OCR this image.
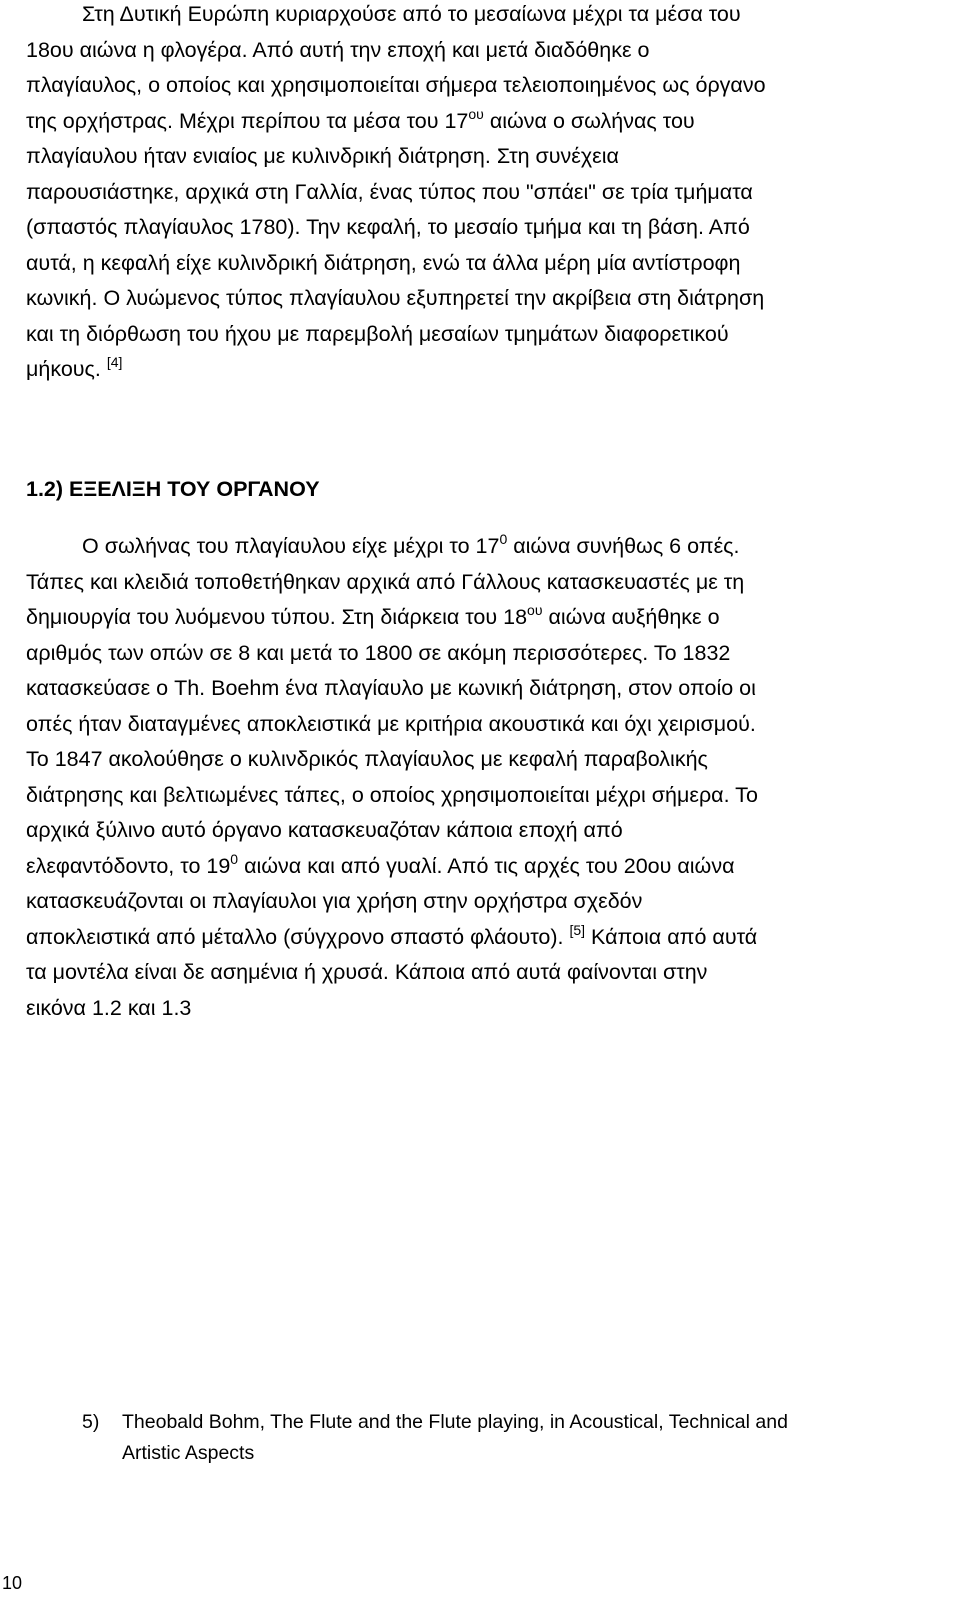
Στη Δυτική Ευρώπη κυριαρχούσε από το μεσαίωνα μέχρι τα μέσα του
18ου αιώνα η φλογέρα. Από αυτή την εποχή και μετά διαδόθηκε ο
πλαγίαυλος, ο οποίος και χρησιμοποιείται σήμερα τελειοποιημένος ως όργανο
της ορχήστρας. Μέχρι περίπου τα μέσα του $17^{o\upsilon}$ αιώνα ο σωλήνας του
πλαγίαυλου ήταν ενιαίος με κυλινδρική διάτρηση. Στη συνέχεια
παρουσιάστηκε, αρχικά στη Γαλλία, ένας τύπος που "σπάει" σε τρία τμήματα
(σπαστός πλαγίαυλος 1780). Την κεφαλή, το μεσαίο τμήμα και τη βάση. Από
αυτά, η κεφαλή είχε κυλινδρική διάτρηση, ενώ τα άλλα μέρη μία αντίστροφη
κωνική. Ο λυώμενος τύπος πλαγίαυλου εξυπηρετεί την ακρίβεια στη διάτρηση
και τη διόρθωση του ήχου με παρεμβολή μεσαίων τμημάτων διαφορετικού
μήκους. [4]
1.2) ΕΞΕΛΙΞΗ ΤΟΥ ΟΡΓΑΝΟΥ
Ο σωλήνας του πλαγίαυλου είχε μέχρι το $17^0$ αιώνα συνήθως 6 οπές.
Τάπες και κλειδιά τοποθετήθηκαν αρχικά από Γάλλους κατασκευαστές με τη
δημιουργία του λυόμενου τύπου. Στη διάρκεια του $18^{o\upsilon}$ αιώνα αυξήθηκε ο
αριθμός των οπών σε 8 και μετά το 1800 σε ακόμη περισσότερες. Το 1832
κατασκεύασε ο Th. Boehm ένα πλαγίαυλο με κωνική διάτρηση, στον οποίο οι
οπές ήταν διαταγμένες αποκλειστικά με κριτήρια ακουστικά και όχι χειρισμού.
Το 1847 ακολούθησε ο κυλινδρικός πλαγίαυλος με κεφαλή παραβολικής
διάτρησης και βελτιωμένες τάπες, ο οποίος χρησιμοποιείται μέχρι σήμερα. Το
αρχικά ξύλινο αυτό όργανο κατασκευαζόταν κάποια εποχή από
ελεφαντόδοντο, το $19^0$ αιώνα και από γυαλί. Από τις αρχές του 20ου αιώνα
κατασκευάζονται οι πλαγίαυλοι για χρήση στην ορχήστρα σχεδόν
αποκλειστικά από μέταλλο (σύγχρονο σπαστό φλάουτο). [5] Κάποια από αυτά
τα μοντέλα είναι δε ασημένια ή χρυσά. Κάποια από αυτά φαίνονται στην
εικόνα 1.2 και 1.3
5) Theobald Bohm, The Flute and the Flute playing, in Acoustical, Technical and
Artistic Aspects

10
